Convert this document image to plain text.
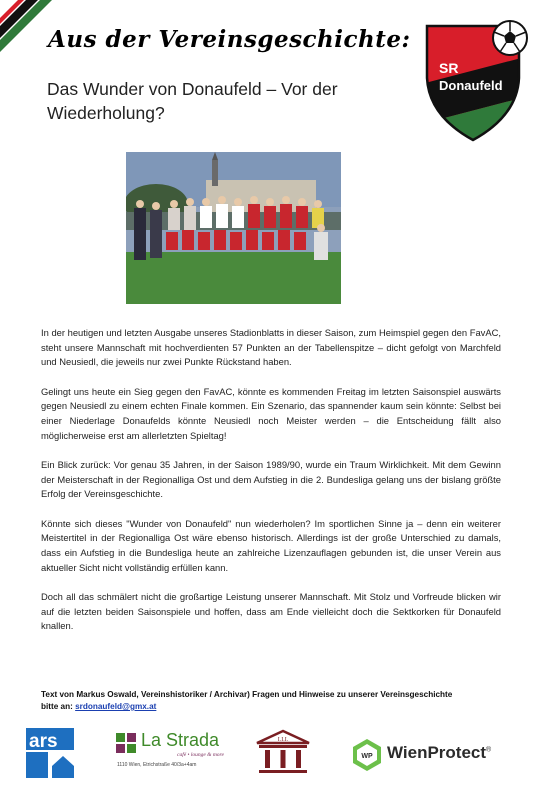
Aus der Vereinsgeschichte:
Das Wunder von Donaufeld – Vor der Wiederholung?
SR
Donaufeld

In der heutigen und letzten Ausgabe unseres Stadionblatts in dieser Saison, zum Heimspiel gegen den FavAC, steht unsere Mannschaft mit hochverdienten 57 Punkten an der Tabellenspitze – dicht gefolgt von Marchfeld und Neusiedl, die jeweils nur zwei Punkte Rückstand haben.

Gelingt uns heute ein Sieg gegen den FavAC, könnte es kommenden Freitag im letzten Saisonspiel auswärts gegen Neusiedl zu einem echten Finale kommen. Ein Szenario, das spannender kaum sein könnte: Selbst bei einer Niederlage Donaufelds könnte Neusiedl noch Meister werden – die Entscheidung fällt also möglicherweise erst am allerletzten Spieltag!

Ein Blick zurück: Vor genau 35 Jahren, in der Saison 1989/90, wurde ein Traum Wirklichkeit. Mit dem Gewinn der Meisterschaft in der Regionalliga Ost und dem Aufstieg in die 2. Bundesliga gelang uns der bislang größte Erfolg der Vereinsgeschichte.

Könnte sich dieses "Wunder von Donaufeld" nun wiederholen? Im sportlichen Sinne ja – denn ein weiterer Meistertitel in der Regionalliga Ost wäre ebenso historisch. Allerdings ist der große Unterschied zu damals, dass ein Aufstieg in die Bundesliga heute an zahlreiche Lizenzauflagen gebunden ist, die unser Verein aus aktueller Sicht nicht vollständig erfüllen kann.

Doch all das schmälert nicht die großartige Leistung unserer Mannschaft. Mit Stolz und Vorfreude blicken wir auf die letzten beiden Saisonspiele und hoffen, dass am Ende vielleicht doch die Sektkorken für Donaufeld knallen.

Text von Markus Oswald, Vereinshistoriker / Archivar) Fragen und Hinweise zu unserer Vereinsgeschichte
bitte an: srdonaufeld@gmx.at
ars	La Strada
café • lounge & more
1110 Wien, Etrichstraße 40/3a+4am
I.I.I.
WP WienProtect®
